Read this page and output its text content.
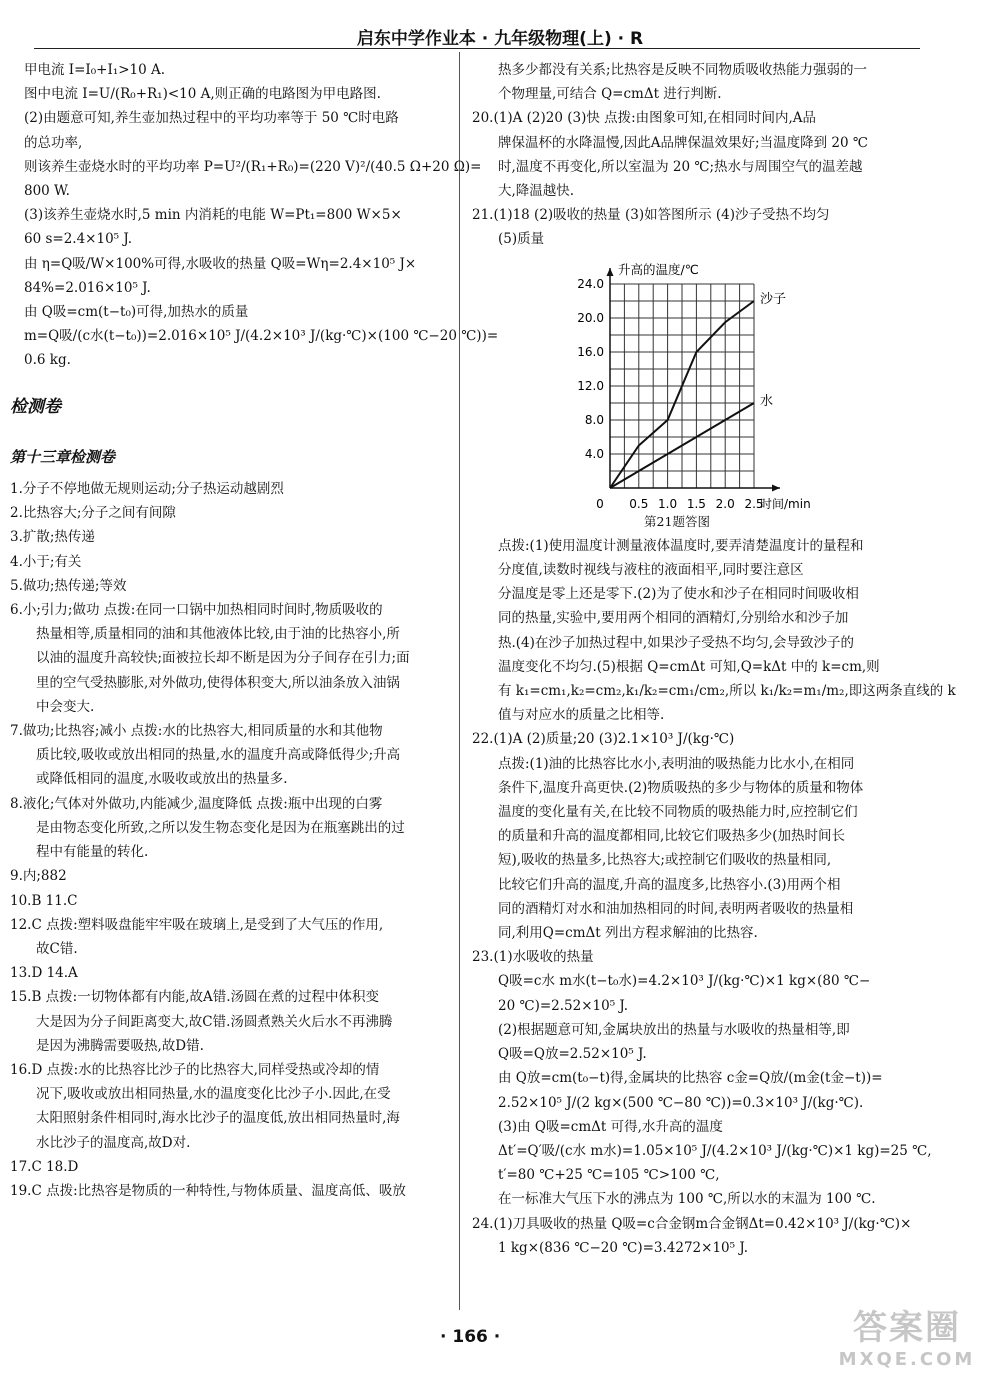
启东中学作业本 · 九年级物理(上) · R

甲电流 I=I₀+I₁>10 A.

图中电流 I=U/(R₀+R₁)<10 A,则正确的电路图为甲电路图.

(2)由题意可知,养生壶加热过程中的平均功率等于 50 ℃时电路

的总功率,

则该养生壶烧水时的平均功率 P=U²/(R₁+R₀)=(220 V)²/(40.5 Ω+20 Ω)=

800 W.

(3)该养生壶烧水时,5 min 内消耗的电能 W=Pt₁=800 W×5×

60 s=2.4×10⁵ J.

由 η=Q吸/W×100%可得,水吸收的热量 Q吸=Wη=2.4×10⁵ J×

84%=2.016×10⁵ J.

由 Q吸=cm(t−t₀)可得,加热水的质量

m=Q吸/(c水(t−t₀))=2.016×10⁵ J/(4.2×10³ J/(kg·℃)×(100 ℃−20 ℃))=

0.6 kg.

检测卷

第十三章检测卷

1.分子不停地做无规则运动;分子热运动越剧烈

2.比热容大;分子之间有间隙

3.扩散;热传递

4.小于;有关

5.做功;热传递;等效

6.小;引力;做功 点拨:在同一口锅中加热相同时间时,物质吸收的

热量相等,质量相同的油和其他液体比较,由于油的比热容小,所

以油的温度升高较快;面被拉长却不断是因为分子间存在引力;面

里的空气受热膨胀,对外做功,使得体积变大,所以油条放入油锅

中会变大.

7.做功;比热容;减小 点拨:水的比热容大,相同质量的水和其他物

质比较,吸收或放出相同的热量,水的温度升高或降低得少;升高

或降低相同的温度,水吸收或放出的热量多.

8.液化;气体对外做功,内能减少,温度降低 点拨:瓶中出现的白雾

是由物态变化所致,之所以发生物态变化是因为在瓶塞跳出的过

程中有能量的转化.

9.内;882

10.B 11.C

12.C 点拨:塑料吸盘能牢牢吸在玻璃上,是受到了大气压的作用,

故C错.

13.D 14.A

15.B 点拨:一切物体都有内能,故A错.汤圆在煮的过程中体积变

大是因为分子间距离变大,故C错.汤圆煮熟关火后水不再沸腾

是因为沸腾需要吸热,故D错.

16.D 点拨:水的比热容比沙子的比热容大,同样受热或冷却的情

况下,吸收或放出相同热量,水的温度变化比沙子小.因此,在受

太阳照射条件相同时,海水比沙子的温度低,放出相同热量时,海

水比沙子的温度高,故D对.

17.C 18.D

19.C 点拨:比热容是物质的一种特性,与物体质量、温度高低、吸放

热多少都没有关系;比热容是反映不同物质吸收热能力强弱的一

个物理量,可结合 Q=cmΔt 进行判断.

20.(1)A (2)20 (3)快 点拨:由图象可知,在相同时间内,A品

牌保温杯的水降温慢,因此A品牌保温效果好;当温度降到 20 ℃

时,温度不再变化,所以室温为 20 ℃;热水与周围空气的温差越

大,降温越快.

21.(1)18 (2)吸收的热量 (3)如答图所示 (4)沙子受热不均匀

(5)质量

4.0
8.0
12.0
16.0
20.0
24.0
0 0.5 1.0 1.5 2.0 2.5
时间/min
升高的温度/℃
沙子
水

第21题答图

点拨:(1)使用温度计测量液体温度时,要弄清楚温度计的量程和

分度值,读数时视线与液柱的液面相平,同时要注意区

分温度是零上还是零下.(2)为了使水和沙子在相同时间吸收相

同的热量,实验中,要用两个相同的酒精灯,分别给水和沙子加

热.(4)在沙子加热过程中,如果沙子受热不均匀,会导致沙子的

温度变化不均匀.(5)根据 Q=cmΔt 可知,Q=kΔt 中的 k=cm,则

有 k₁=cm₁,k₂=cm₂,k₁/k₂=cm₁/cm₂,所以 k₁/k₂=m₁/m₂,即这两条直线的 k

值与对应水的质量之比相等.

22.(1)A (2)质量;20 (3)2.1×10³ J/(kg·℃)

点拨:(1)油的比热容比水小,表明油的吸热能力比水小,在相同

条件下,温度升高更快.(2)物质吸热的多少与物体的质量和物体

温度的变化量有关,在比较不同物质的吸热能力时,应控制它们

的质量和升高的温度都相同,比较它们吸热多少(加热时间长

短),吸收的热量多,比热容大;或控制它们吸收的热量相同,

比较它们升高的温度,升高的温度多,比热容小.(3)用两个相

同的酒精灯对水和油加热相同的时间,表明两者吸收的热量相

同,利用Q=cmΔt 列出方程求解油的比热容.

23.(1)水吸收的热量

Q吸=c水 m水(t−t₀水)=4.2×10³ J/(kg·℃)×1 kg×(80 ℃−

20 ℃)=2.52×10⁵ J.

(2)根据题意可知,金属块放出的热量与水吸收的热量相等,即

Q吸=Q放=2.52×10⁵ J.

由 Q放=cm(t₀−t)得,金属块的比热容 c金=Q放/(m金(t金−t))=

2.52×10⁵ J/(2 kg×(500 ℃−80 ℃))=0.3×10³ J/(kg·℃).

(3)由 Q吸=cmΔt 可得,水升高的温度

Δt′=Q′吸/(c水 m水)=1.05×10⁵ J/(4.2×10³ J/(kg·℃)×1 kg)=25 ℃,

t′=80 ℃+25 ℃=105 ℃>100 ℃,

在一标准大气压下水的沸点为 100 ℃,所以水的末温为 100 ℃.

24.(1)刀具吸收的热量 Q吸=c合金钢m合金钢Δt=0.42×10³ J/(kg·℃)×

1 kg×(836 ℃−20 ℃)=3.4272×10⁵ J.

· 166 ·	答案圈
MXQE.COM
